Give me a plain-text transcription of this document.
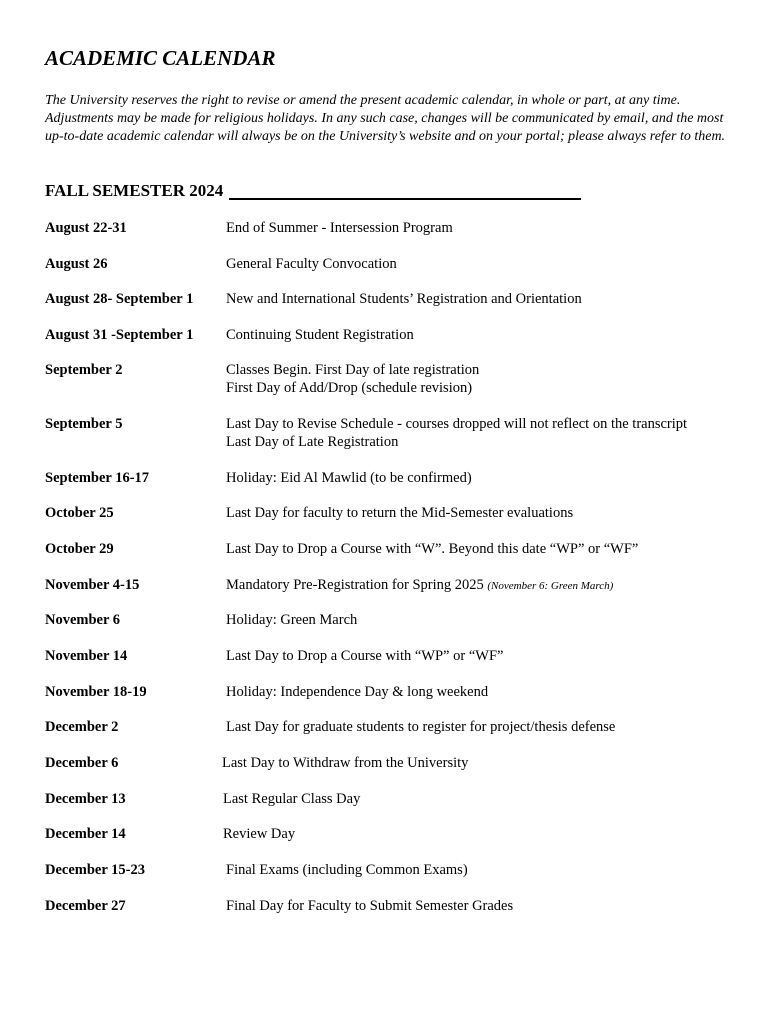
ACADEMIC CALENDAR

The University reserves the right to revise or amend the present academic calendar, in whole or part, at any time. Adjustments may be made for religious holidays. In any such case, changes will be communicated by email, and the most up-to-date academic calendar will always be on the University’s website and on your portal; please always refer to them.

FALL SEMESTER 2024
August 22-31	End of Summer - Intersession Program
August 26	General Faculty Convocation
August 28- September 1 New and International Students’ Registration and Orientation
August 31 -September 1 Continuing Student Registration
September 2	Classes Begin. First Day of late registration
First Day of Add/Drop (schedule revision)
September 5	Last Day to Revise Schedule - courses dropped will not reflect on the transcript
Last Day of Late Registration
September 16-17	Holiday: Eid Al Mawlid (to be confirmed)
October 25	Last Day for faculty to return the Mid-Semester evaluations
October 29	Last Day to Drop a Course with “W”. Beyond this date “WP” or “WF”
November 4-15	Mandatory Pre-Registration for Spring 2025 (November 6: Green March)
November 6	Holiday: Green March
November 14	Last Day to Drop a Course with “WP” or “WF”
November 18-19	Holiday: Independence Day & long weekend
December 2	Last Day for graduate students to register for project/thesis defense
December 6	Last Day to Withdraw from the University
December 13	Last Regular Class Day
December 14	Review Day
December 15-23	Final Exams (including Common Exams)
December 27	Final Day for Faculty to Submit Semester Grades
